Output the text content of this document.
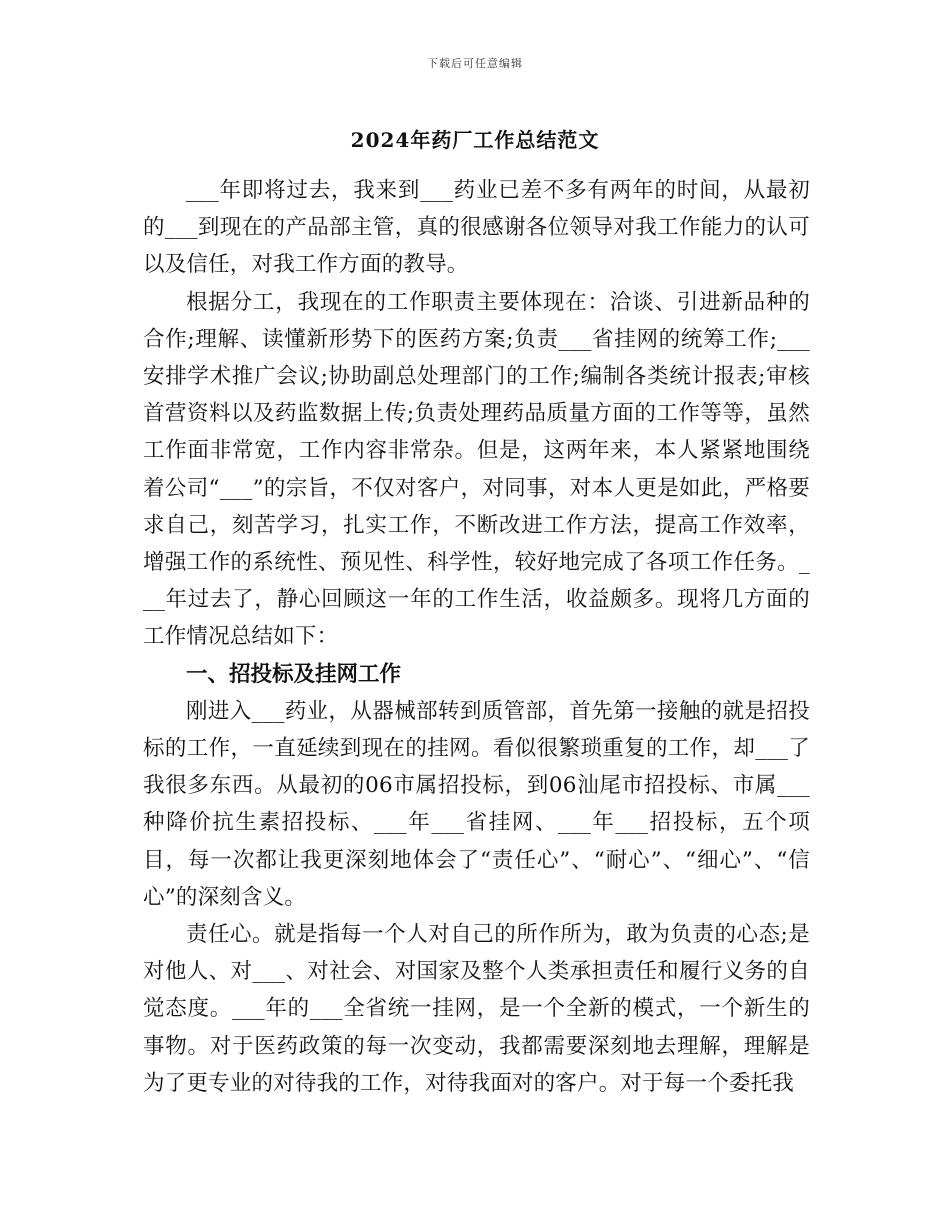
下载后可任意编辑
2024年药厂工作总结范文

___年即将过去，我来到___药业已差不多有两年的时间，从最初的___到现在的产品部主管，真的很感谢各位领导对我工作能力的认可以及信任，对我工作方面的教导。

根据分工，我现在的工作职责主要体现在：洽谈、引进新品种的合作;理解、读懂新形势下的医药方案;负责___省挂网的统筹工作;___安排学术推广会议;协助副总处理部门的工作;编制各类统计报表;审核首营资料以及药监数据上传;负责处理药品质量方面的工作等等，虽然工作面非常宽，工作内容非常杂。但是，这两年来，本人紧紧地围绕着公司“___”的宗旨，不仅对客户，对同事，对本人更是如此，严格要求自己，刻苦学习，扎实工作，不断改进工作方法，提高工作效率，增强工作的系统性、预见性、科学性，较好地完成了各项工作任务。___年过去了，静心回顾这一年的工作生活，收益颇多。现将几方面的工作情况总结如下：

一、招投标及挂网工作

刚进入___药业，从器械部转到质管部，首先第一接触的就是招投标的工作，一直延续到现在的挂网。看似很繁琐重复的工作，却___了我很多东西。从最初的06市属招投标，到06汕尾市招投标、市属___种降价抗生素招投标、___年___省挂网、___年___招投标，五个项目，每一次都让我更深刻地体会了“责任心”、“耐心”、“细心”、“信心”的深刻含义。

责任心。就是指每一个人对自己的所作所为，敢为负责的心态;是对他人、对___、对社会、对国家及整个人类承担责任和履行义务的自觉态度。___年的___全省统一挂网，是一个全新的模式，一个新生的事物。对于医药政策的每一次变动，我都需要深刻地去理解，理解是为了更专业的对待我的工作，对待我面对的客户。对于每一个委托我
